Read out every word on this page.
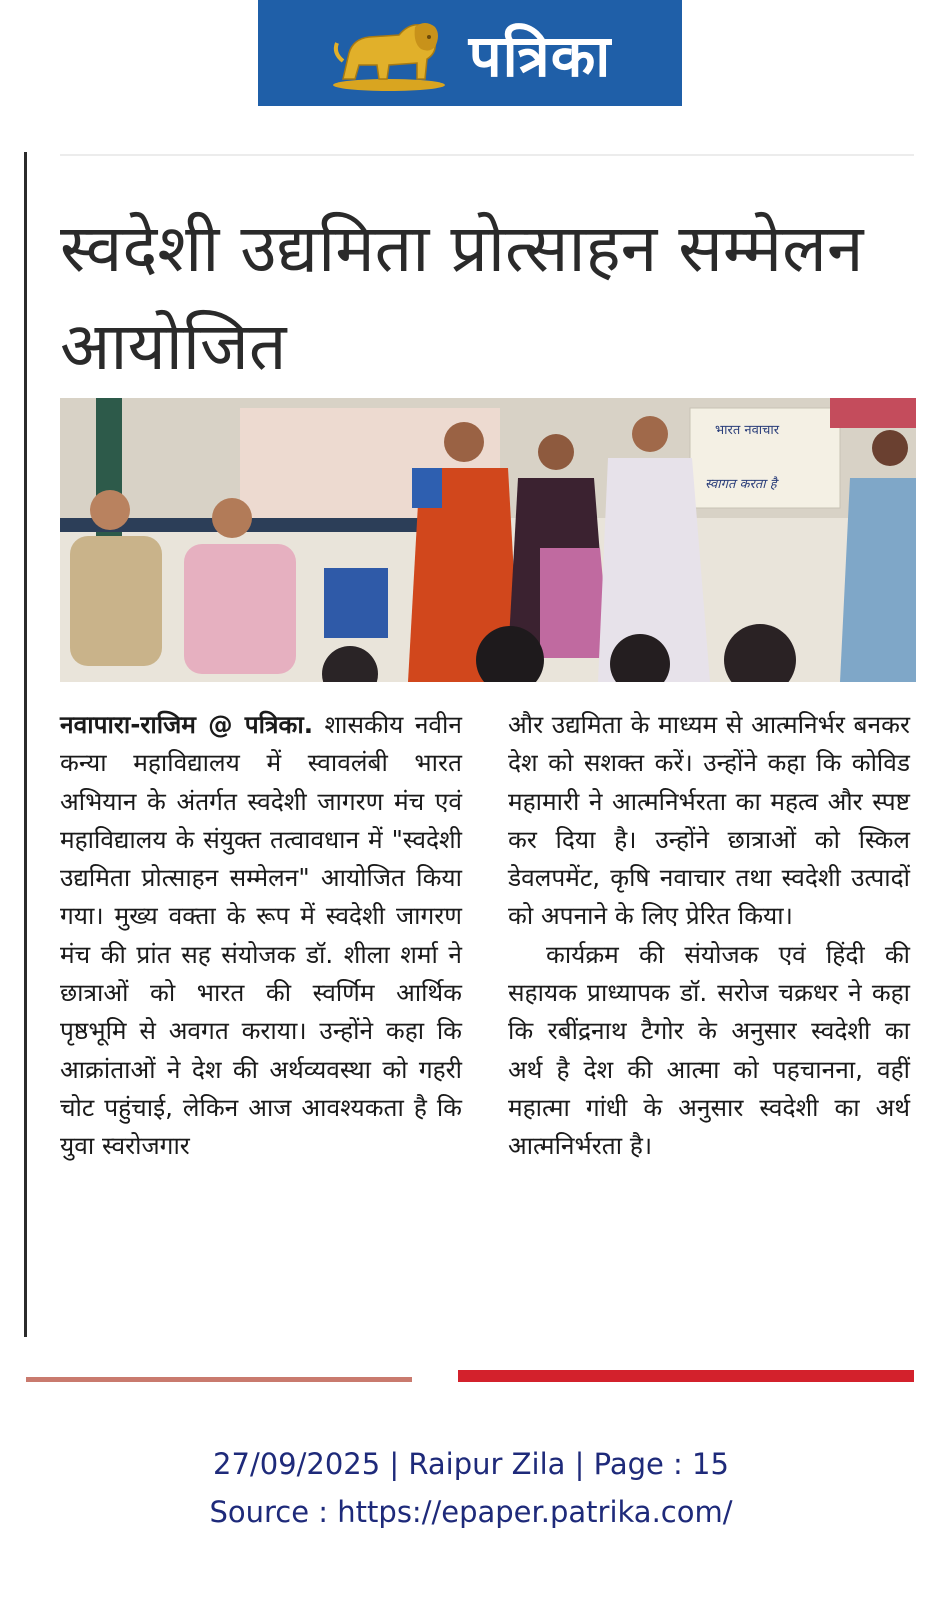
पत्रिका
स्वदेशी उद्यमिता प्रोत्साहन सम्मेलन आयोजित
भारत नवाचार
स्वागत करता है
नवापारा-राजिम @ पत्रिका. शासकीय नवीन कन्या महाविद्यालय में स्वावलंबी भारत अभियान के अंतर्गत स्वदेशी जागरण मंच एवं महाविद्यालय के संयुक्त तत्वावधान में "स्वदेशी उद्यमिता प्रोत्साहन सम्मेलन" आयोजित किया गया। मुख्य वक्ता के रूप में स्वदेशी जागरण मंच की प्रांत सह संयोजक डॉ. शीला शर्मा ने छात्राओं को भारत की स्वर्णिम आर्थिक पृष्ठभूमि से अवगत कराया। उन्होंने कहा कि आक्रांताओं ने देश की अर्थव्यवस्था को गहरी चोट पहुंचाई, लेकिन आज आवश्यकता है कि युवा स्वरोजगार
और उद्यमिता के माध्यम से आत्मनिर्भर बनकर देश को सशक्त करें। उन्होंने कहा कि कोविड महामारी ने आत्मनिर्भरता का महत्व और स्पष्ट कर दिया है। उन्होंने छात्राओं को स्किल डेवलपमेंट, कृषि नवाचार तथा स्वदेशी उत्पादों को अपनाने के लिए प्रेरित किया।
कार्यक्रम की संयोजक एवं हिंदी की सहायक प्राध्यापक डॉ. सरोज चक्रधर ने कहा कि रबींद्रनाथ टैगोर के अनुसार स्वदेशी का अर्थ है देश की आत्मा को पहचानना, वहीं महात्मा गांधी के अनुसार स्वदेशी का अर्थ आत्मनिर्भरता है।
27/09/2025 | Raipur Zila | Page : 15
Source : https://epaper.patrika.com/
